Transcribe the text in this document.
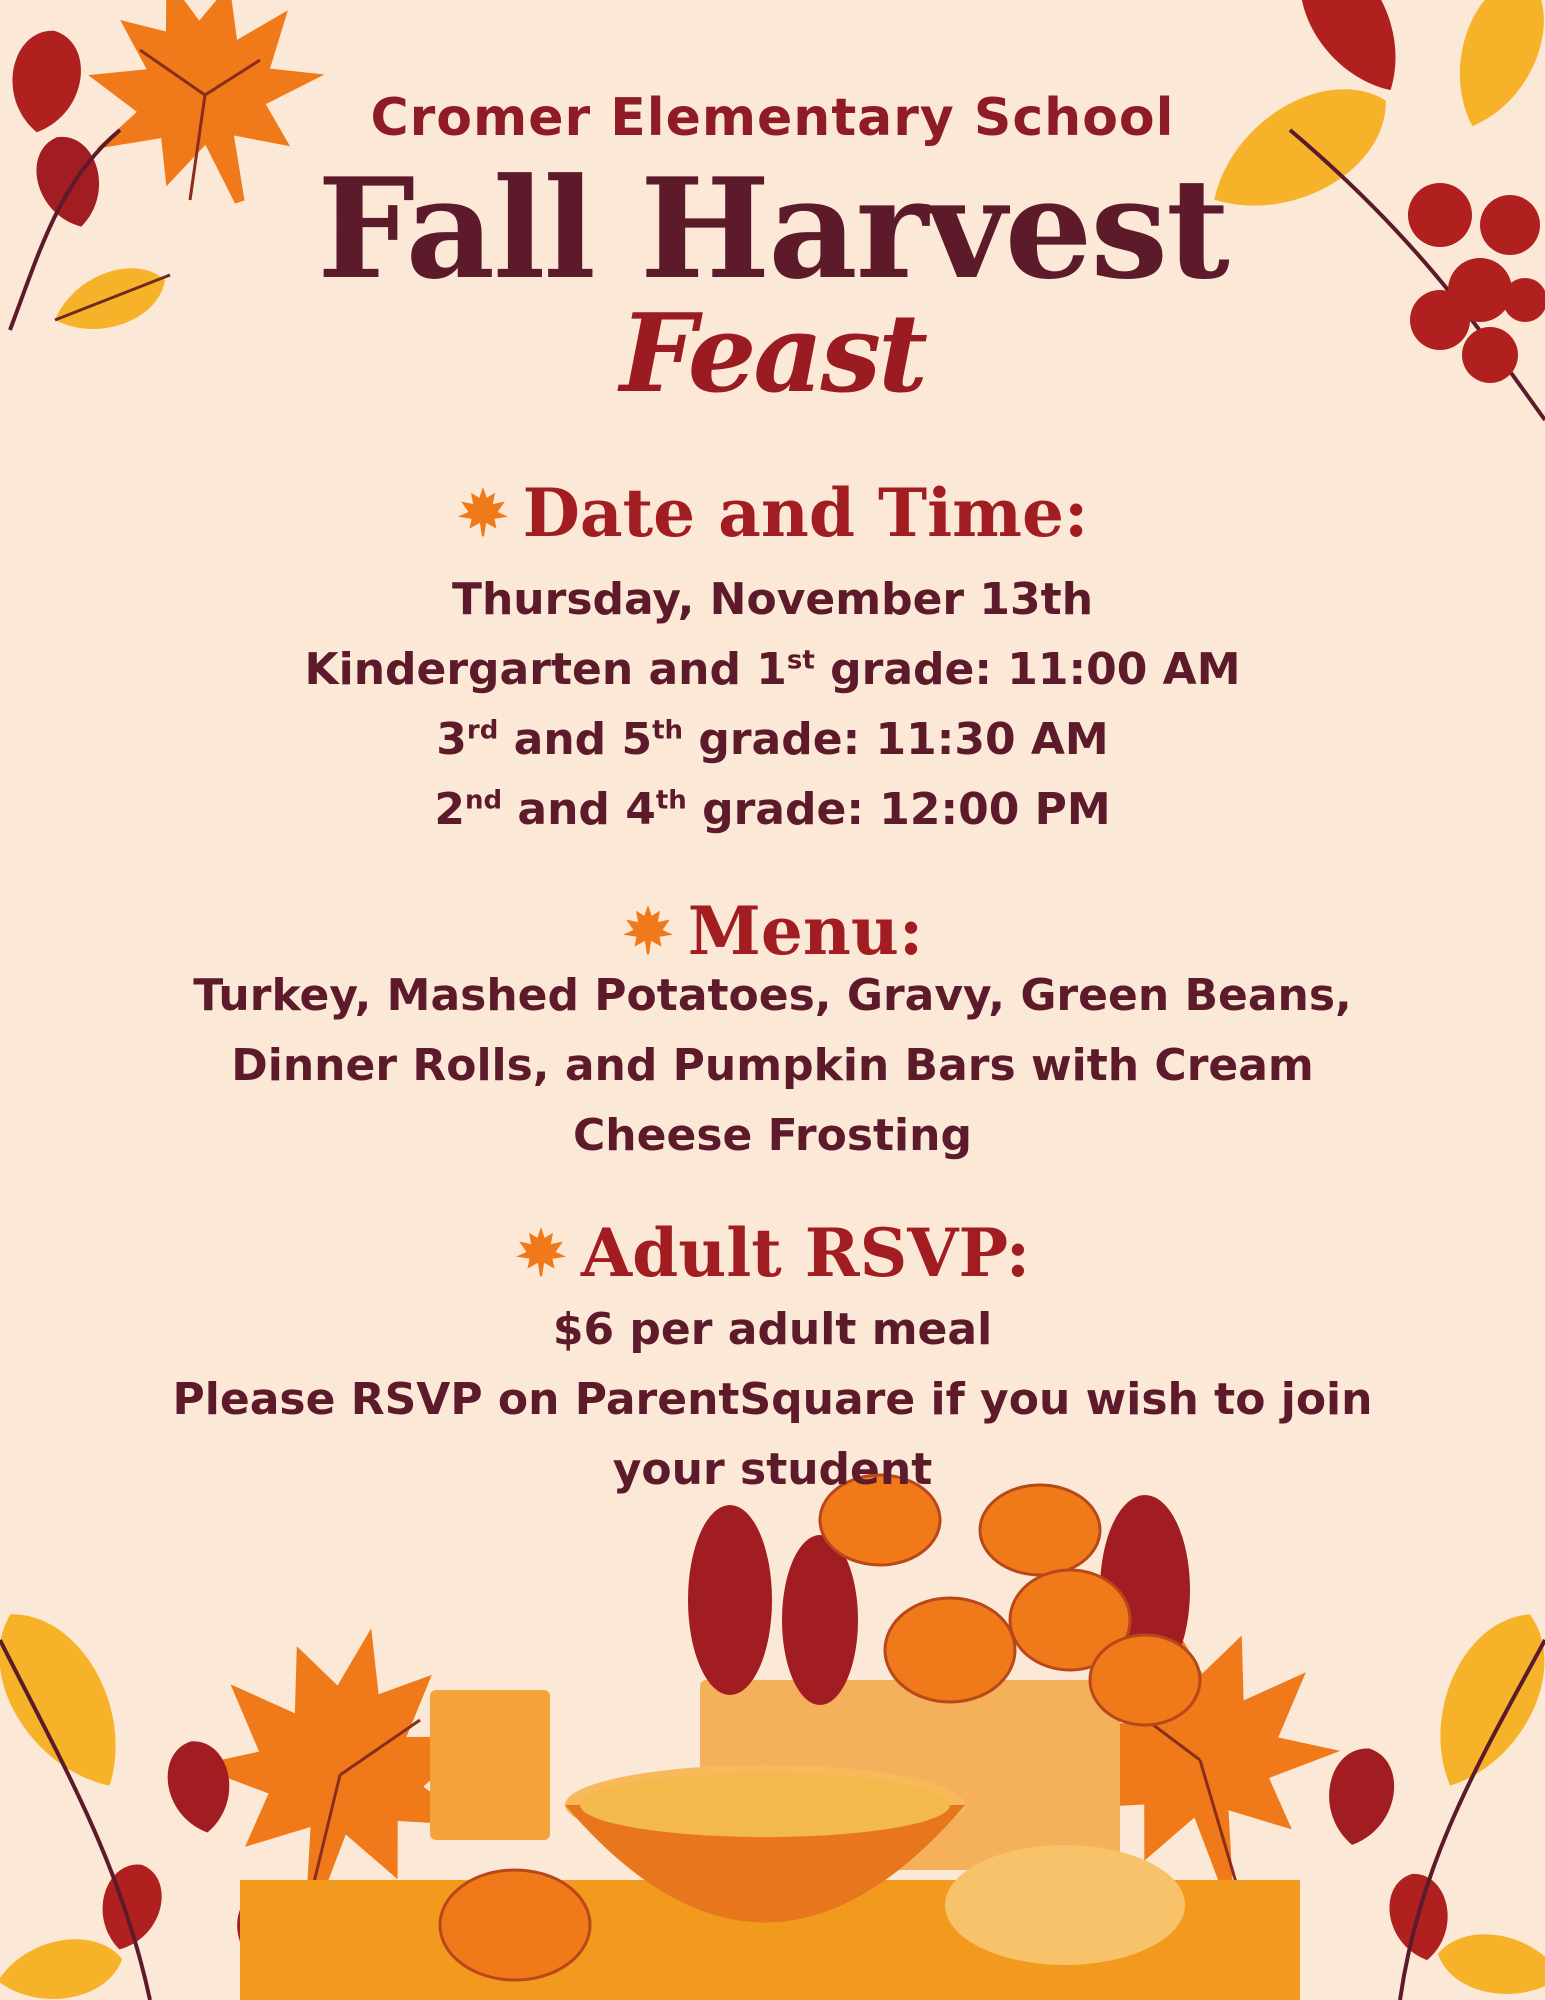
Cromer Elementary School
Fall Harvest
Feast
Date and Time:
Thursday, November 13th
Kindergarten and 1st grade: 11:00 AM
3rd and 5th grade: 11:30 AM
2nd and 4th grade: 12:00 PM
Menu:
Turkey, Mashed Potatoes, Gravy, Green Beans,
Dinner Rolls, and Pumpkin Bars with Cream
Cheese Frosting
Adult RSVP:
$6 per adult meal
Please RSVP on ParentSquare if you wish to join
your student
